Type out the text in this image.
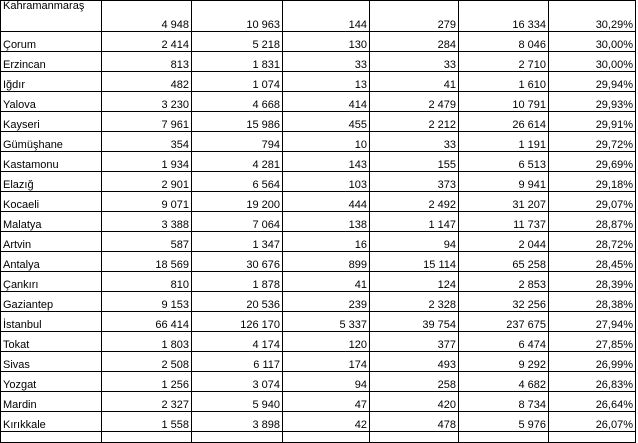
Kahramanmaraş	4 948	10 963	144	279	16 334	30,29%
Çorum	2 414	5 218	130	284	8 046	30,00%
Erzincan	813	1 831	33	33	2 710	30,00%
Iğdır	482	1 074	13	41	1 610	29,94%
Yalova	3 230	4 668	414	2 479	10 791	29,93%
Kayseri	7 961	15 986	455	2 212	26 614	29,91%
Gümüşhane	354	794	10	33	1 191	29,72%
Kastamonu	1 934	4 281	143	155	6 513	29,69%
Elazığ	2 901	6 564	103	373	9 941	29,18%
Kocaeli	9 071	19 200	444	2 492	31 207	29,07%
Malatya	3 388	7 064	138	1 147	11 737	28,87%
Artvin	587	1 347	16	94	2 044	28,72%
Antalya	18 569	30 676	899	15 114	65 258	28,45%
Çankırı	810	1 878	41	124	2 853	28,39%
Gaziantep	9 153	20 536	239	2 328	32 256	28,38%
İstanbul	66 414	126 170	5 337	39 754	237 675	27,94%
Tokat	1 803	4 174	120	377	6 474	27,85%
Sivas	2 508	6 117	174	493	9 292	26,99%
Yozgat	1 256	3 074	94	258	4 682	26,83%
Mardin	2 327	5 940	47	420	8 734	26,64%
Kırıkkale	1 558	3 898	42	478	5 976	26,07%
